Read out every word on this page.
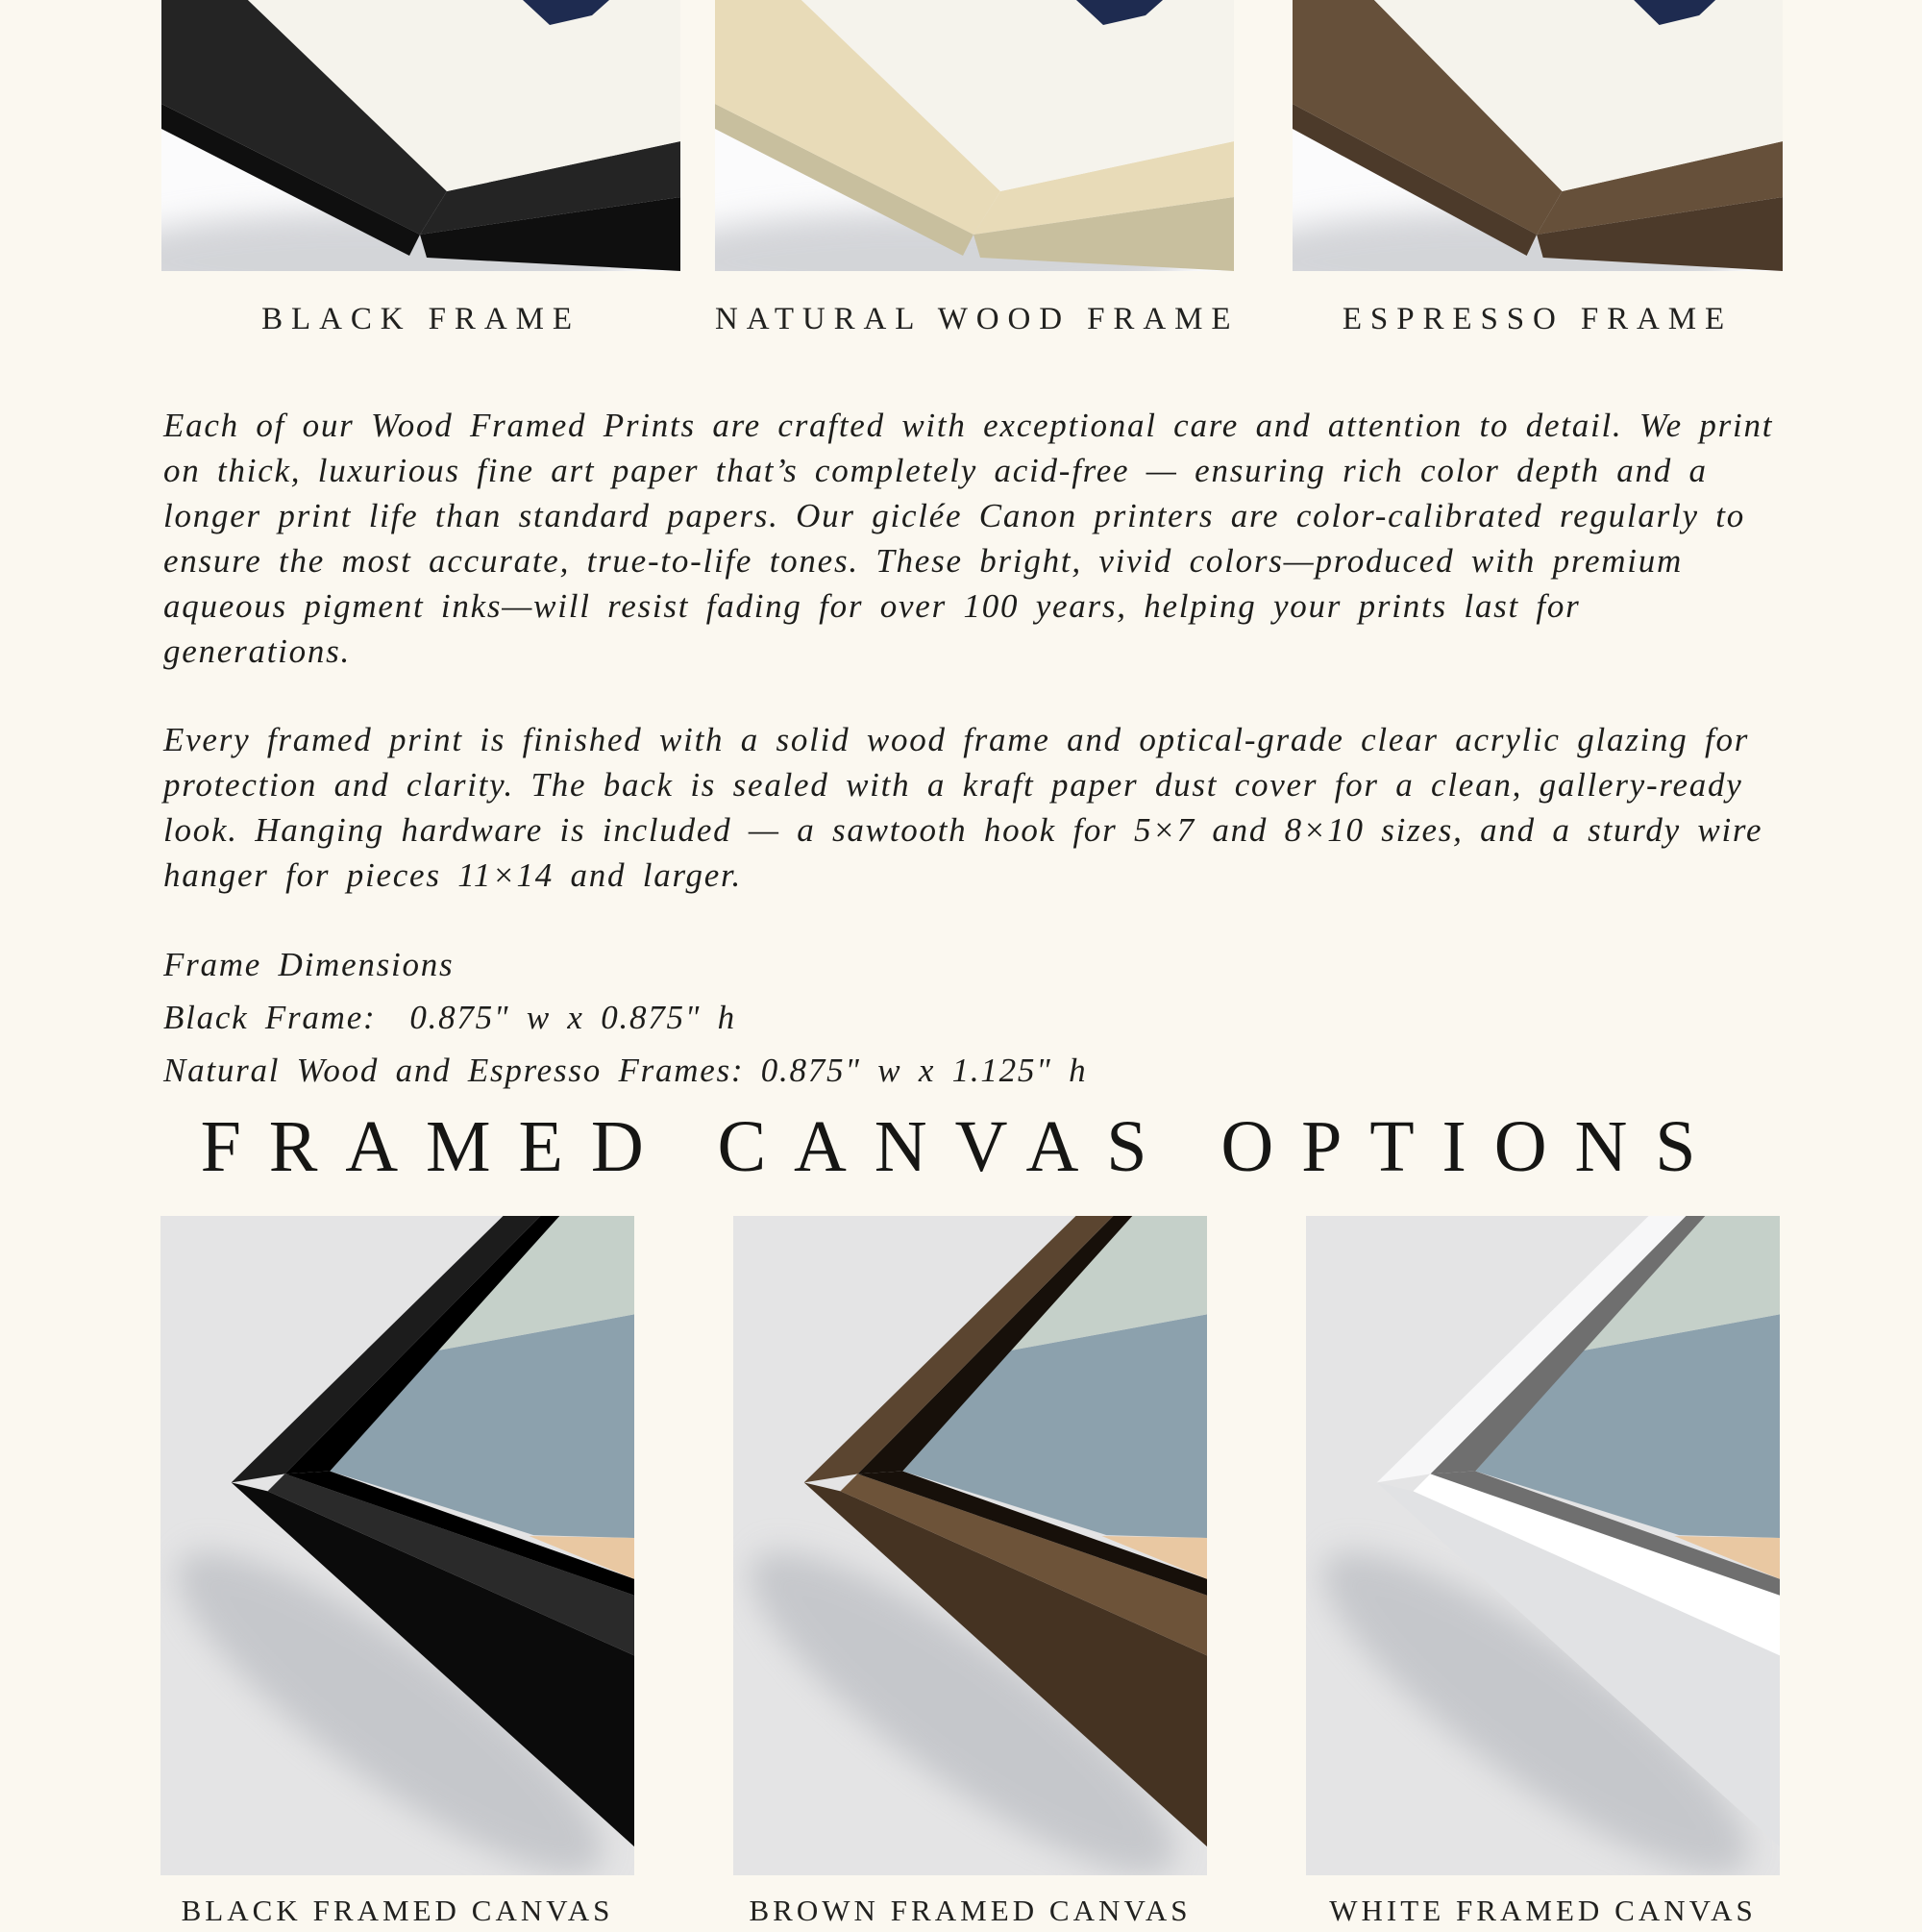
BLACK FRAME	NATURAL WOOD FRAME	ESPRESSO FRAME
Each of our Wood Framed Prints are crafted with exceptional care and attention to detail. We print on thick, luxurious fine art paper that’s completely acid-free — ensuring rich color depth and a longer print life than standard papers. Our giclée Canon printers are color-calibrated regularly to ensure the most accurate, true-to-life tones. These bright, vivid colors—produced with premium aqueous pigment inks—will resist fading for over 100 years, helping your prints last for generations.
Every framed print is finished with a solid wood frame and optical-grade clear acrylic glazing for protection and clarity. The back is sealed with a kraft paper dust cover for a clean, gallery-ready look. Hanging hardware is included — a sawtooth hook for 5×7 and 8×10 sizes, and a sturdy wire hanger for pieces 11×14 and larger.
Frame Dimensions
Black Frame:  0.875" w x 0.875" h
Natural Wood and Espresso Frames: 0.875" w x 1.125" h
FRAMED CANVAS OPTIONS
BLACK FRAMED CANVAS	BROWN FRAMED CANVAS	WHITE FRAMED CANVAS
